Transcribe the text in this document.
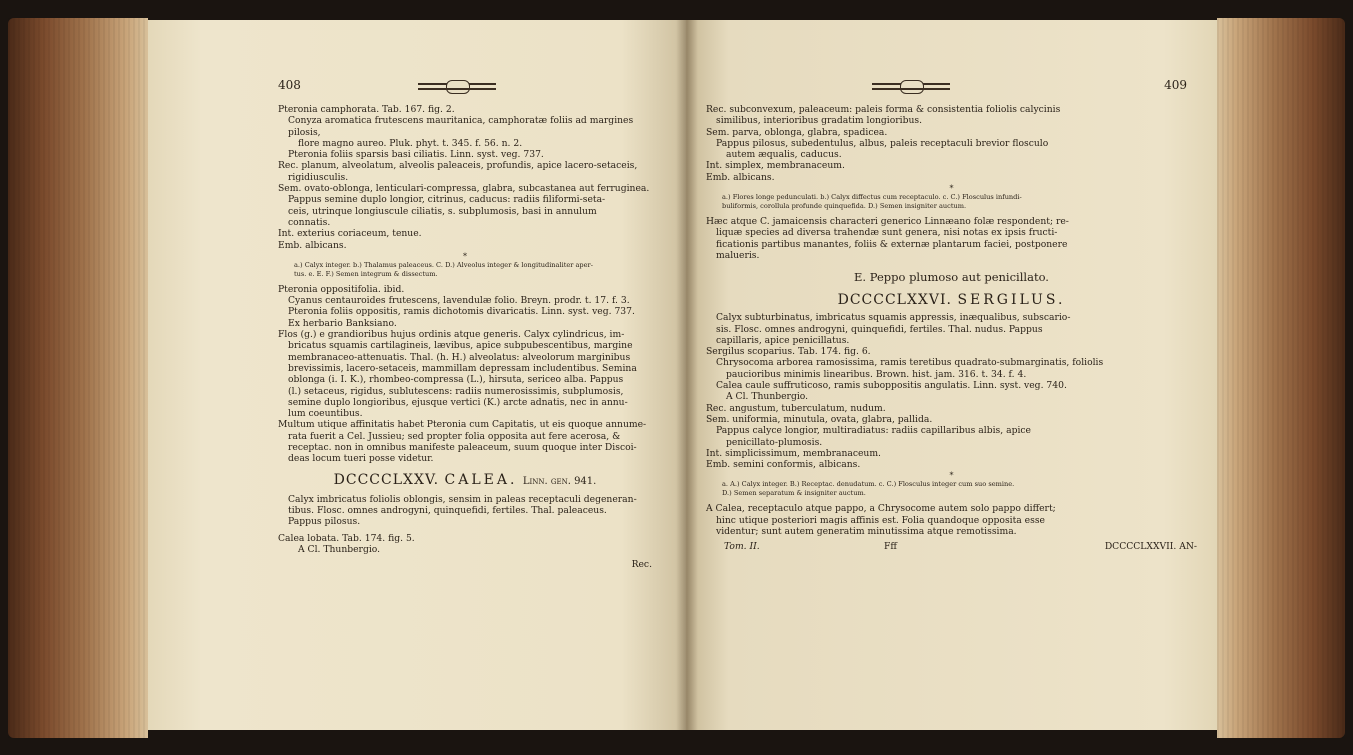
408

Pteronia camphorata. Tab. 167. fig. 2.

Conyza aromatica frutescens mauritanica, camphoratæ foliis ad margines pilosis,

flore magno aureo. Pluk. phyt. t. 345. f. 56. n. 2.

Pteronia foliis sparsis basi ciliatis. Linn. syst. veg. 737.

Rec. planum, alveolatum, alveolis paleaceis, profundis, apice lacero-setaceis,

rigidiusculis.

Sem. ovato-oblonga, lenticulari-compressa, glabra, subcastanea aut ferruginea.

Pappus semine duplo longior, citrinus, caducus: radiis filiformi-seta-

ceis, utrinque longiuscule ciliatis, s. subplumosis, basi in annulum

connatis.

Int. exterius coriaceum, tenue.

Emb. albicans.

*

a.) Calyx integer. b.) Thalamus paleaceus. C. D.) Alveolus integer & longitudinaliter aper-

tus. e. E. F.) Semen integrum & dissectum.

Pteronia oppositifolia. ibid.

Cyanus centauroides frutescens, lavendulæ folio. Breyn. prodr. t. 17. f. 3.

Pteronia foliis oppositis, ramis dichotomis divaricatis. Linn. syst. veg. 737.

Ex herbario Banksiano.

Flos (g.) e grandioribus hujus ordinis atque generis. Calyx cylindricus, im-

bricatus squamis cartilagineis, lævibus, apice subpubescentibus, margine

membranaceo-attenuatis. Thal. (h. H.) alveolatus: alveolorum marginibus

brevissimis, lacero-setaceis, mammillam depressam includentibus. Semina

oblonga (i. I. K.), rhombeo-compressa (L.), hirsuta, sericeo alba. Pappus

(l.) setaceus, rigidus, sublutescens: radiis numerosissimis, subplumosis,

semine duplo longioribus, ejusque vertici (K.) arcte adnatis, nec in annu-

lum coeuntibus.

Multum utique affinitatis habet Pteronia cum Capitatis, ut eis quoque annume-

rata fuerit a Cel. Jussieu; sed propter folia opposita aut fere acerosa, &

receptac. non in omnibus manifeste paleaceum, suum quoque inter Discoi-

deas locum tueri posse videtur.

DCCCCLXXV. CALEA. Linn. gen. 941.

Calyx imbricatus foliolis oblongis, sensim in paleas receptaculi degeneran-

tibus. Flosc. omnes androgyni, quinquefidi, fertiles. Thal. paleaceus.

Pappus pilosus.

Calea lobata. Tab. 174. fig. 5.

A Cl. Thunbergio.

Rec.
409

Rec. subconvexum, paleaceum: paleis forma & consistentia foliolis calycinis

similibus, interioribus gradatim longioribus.

Sem. parva, oblonga, glabra, spadicea.

Pappus pilosus, subedentulus, albus, paleis receptaculi brevior flosculo

autem æqualis, caducus.

Int. simplex, membranaceum.

Emb. albicans.

*

a.) Flores longe pedunculati. b.) Calyx diffectus cum receptaculo. c. C.) Flosculus infundi-

buliformis, corollula profunde quinquefida. D.) Semen insigniter auctum.

Hæc atque C. jamaicensis characteri generico Linnæano folæ respondent; re-

liquæ species ad diversa trahendæ sunt genera, nisi notas ex ipsis fructi-

ficationis partibus manantes, foliis & externæ plantarum faciei, postponere

malueris.

E. Peppo plumoso aut penicillato.
DCCCCLXXVI. SERGILUS.

Calyx subturbinatus, imbricatus squamis appressis, inæqualibus, subscario-

sis. Flosc. omnes androgyni, quinquefidi, fertiles. Thal. nudus. Pappus

capillaris, apice penicillatus.

Sergilus scoparius. Tab. 174. fig. 6.

Chrysocoma arborea ramosissima, ramis teretibus quadrato-submarginatis, foliolis

paucioribus minimis linearibus. Brown. hist. jam. 316. t. 34. f. 4.

Calea caule suffruticoso, ramis suboppositis angulatis. Linn. syst. veg. 740.

A Cl. Thunbergio.

Rec. angustum, tuberculatum, nudum.

Sem. uniformia, minutula, ovata, glabra, pallida.

Pappus calyce longior, multiradiatus: radiis capillaribus albis, apice

penicillato-plumosis.

Int. simplicissimum, membranaceum.

Emb. semini conformis, albicans.

*

a. A.) Calyx integer. B.) Receptac. denudatum. c. C.) Flosculus integer cum suo semine.

D.) Semen separatum & insigniter auctum.

A Calea, receptaculo atque pappo, a Chrysocome autem solo pappo differt;

hinc utique posteriori magis affinis est. Folia quandoque opposita esse

videntur; sunt autem generatim minutissima atque remotissima.

Tom. II.	Fff	DCCCCLXXVII. AN-
